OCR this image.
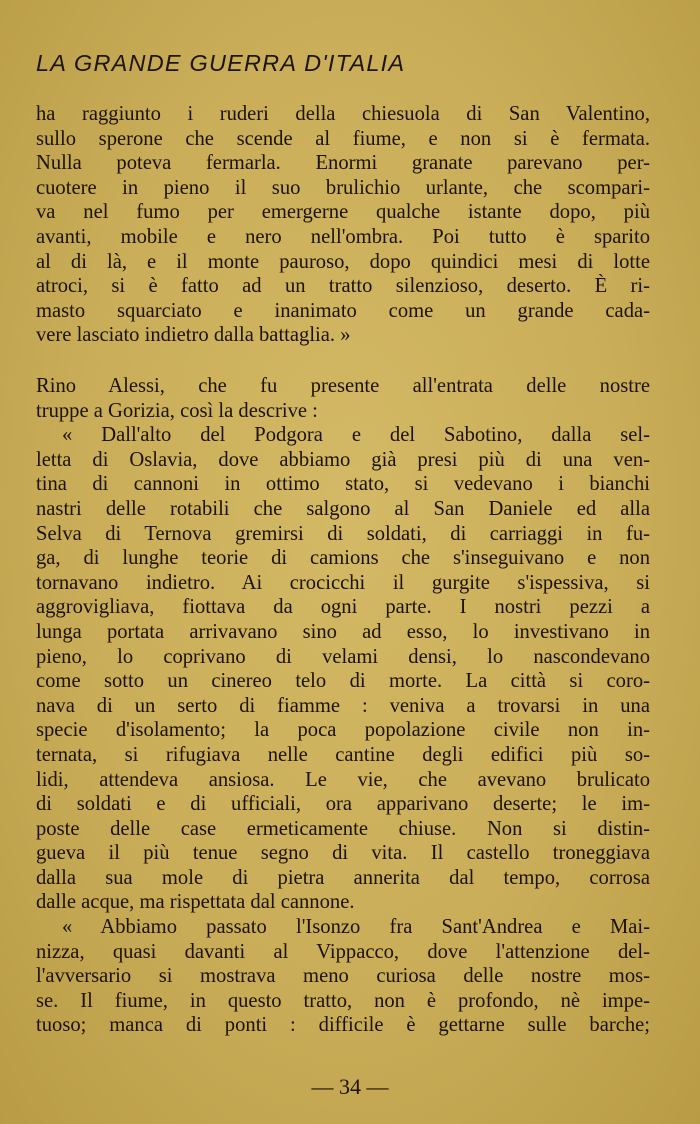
LA GRANDE GUERRA D'ITALIA
ha raggiunto i ruderi della chiesuola di San Valentino,
sullo sperone che scende al fiume, e non si è fermata.
Nulla poteva fermarla. Enormi granate parevano per-
cuotere in pieno il suo brulichio urlante, che scompari-
va nel fumo per emergerne qualche istante dopo, più
avanti, mobile e nero nell'ombra. Poi tutto è sparito
al di là, e il monte pauroso, dopo quindici mesi di lotte
atroci, si è fatto ad un tratto silenzioso, deserto. È ri-
masto squarciato e inanimato come un grande cada-
vere lasciato indietro dalla battaglia. »
Rino Alessi, che fu presente all'entrata delle nostre
truppe a Gorizia, così la descrive :
« Dall'alto del Podgora e del Sabotino, dalla sel-
letta di Oslavia, dove abbiamo già presi più di una ven-
tina di cannoni in ottimo stato, si vedevano i bianchi
nastri delle rotabili che salgono al San Daniele ed alla
Selva di Ternova gremirsi di soldati, di carriaggi in fu-
ga, di lunghe teorie di camions che s'inseguivano e non
tornavano indietro. Ai crocicchi il gurgite s'ispessiva, si
aggrovigliava, fiottava da ogni parte. I nostri pezzi a
lunga portata arrivavano sino ad esso, lo investivano in
pieno, lo coprivano di velami densi, lo nascondevano
come sotto un cinereo telo di morte. La città si coro-
nava di un serto di fiamme : veniva a trovarsi in una
specie d'isolamento; la poca popolazione civile non in-
ternata, si rifugiava nelle cantine degli edifici più so-
lidi, attendeva ansiosa. Le vie, che avevano brulicato
di soldati e di ufficiali, ora apparivano deserte; le im-
poste delle case ermeticamente chiuse. Non si distin-
gueva il più tenue segno di vita. Il castello troneggiava
dalla sua mole di pietra annerita dal tempo, corrosa
dalle acque, ma rispettata dal cannone.
« Abbiamo passato l'Isonzo fra Sant'Andrea e Mai-
nizza, quasi davanti al Vippacco, dove l'attenzione del-
l'avversario si mostrava meno curiosa delle nostre mos-
se. Il fiume, in questo tratto, non è profondo, nè impe-
tuoso; manca di ponti : difficile è gettarne sulle barche;
— 34 —
